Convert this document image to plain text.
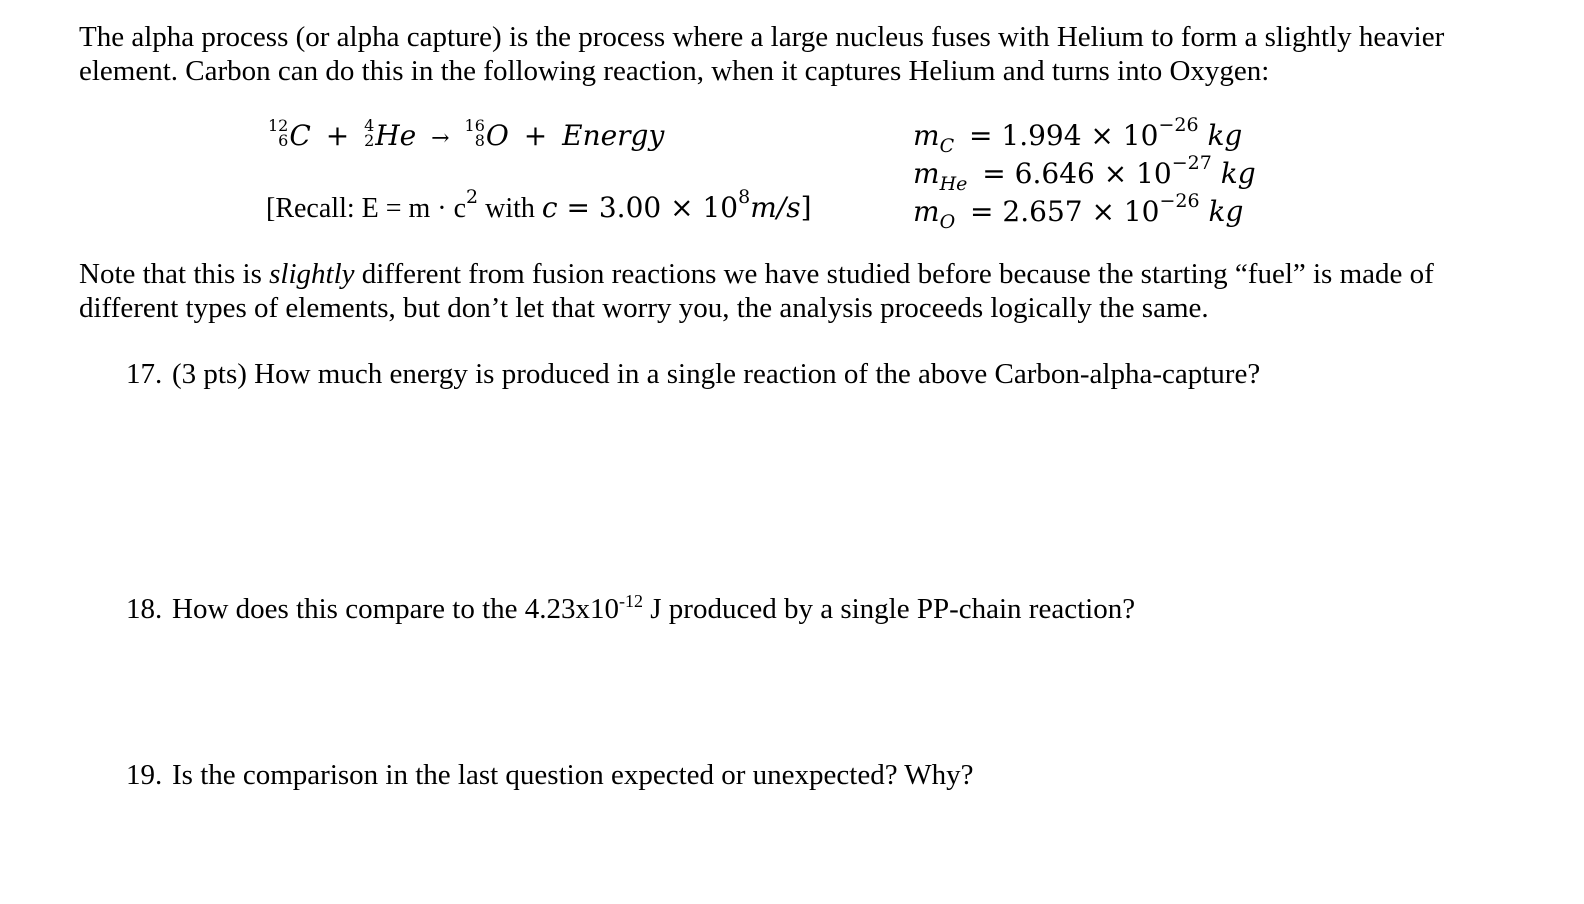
The alpha process (or alpha capture) is the process where a large nucleus fuses with Helium to form a slightly heavier
element. Carbon can do this in the following reaction, when it captures Helium and turns into Oxygen:
12
6 C + 4
2 He →
16
8 O + Energy
[Recall: $E = m \cdot c^2$ with $c = 3.00 \times 10^8m/s$]
$m_C = 1.994 \times 10^{-26}$ kg
$m_{He} = 6.646 \times 10^{-27}$ kg
$m_O = 2.657 \times 10^{-26}$ kg
Note that this is slightly different from fusion reactions we have studied before because the starting “fuel” is made of
different types of elements, but don’t let that worry you, the analysis proceeds logically the same.
17. (3 pts) How much energy is produced in a single reaction of the above Carbon-alpha-capture?
18. How does this compare to the $4.23x10^{-12}$ J produced by a single PP-chain reaction?
19. Is the comparison in the last question expected or unexpected? Why?
